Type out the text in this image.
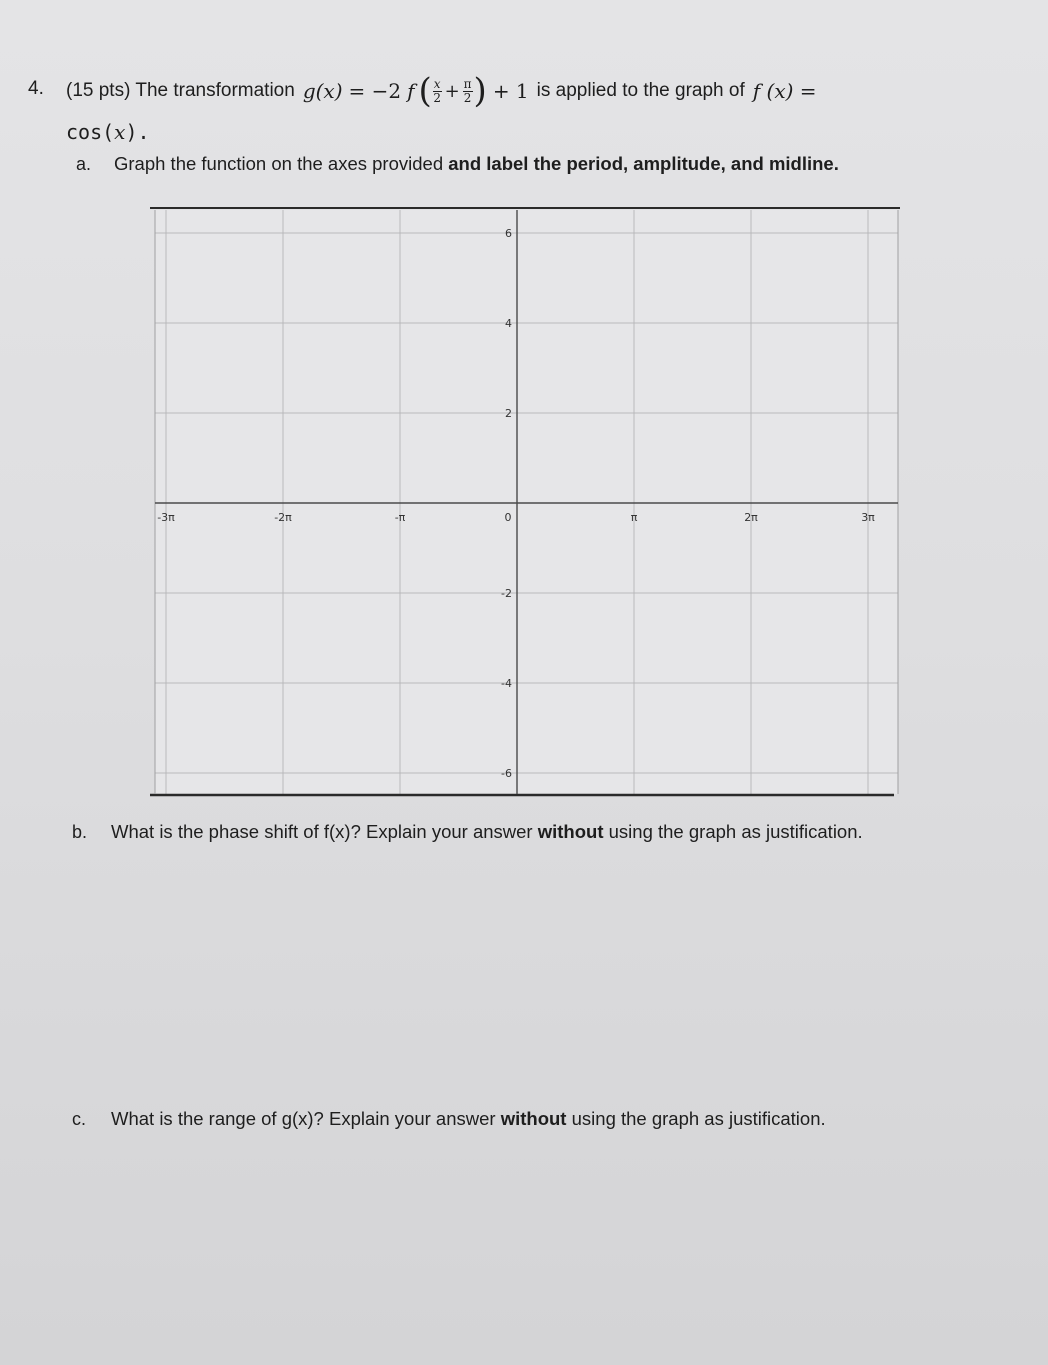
4. (15 pts) The transformation g(x) = −2 f ( $\frac{x}{2} + \frac{\pi}{2}$ ) + 1 is applied to the graph of f (x) =
cos(x).
a. Graph the function on the axes provided and label the period, amplitude, and midline.
-3π	-2π	-π	0	π	2π	3π
6
4
2
-2
-4
-6
b. What is the phase shift of f(x)? Explain your answer without using the graph as justification.
c. What is the range of g(x)? Explain your answer without using the graph as justification.
